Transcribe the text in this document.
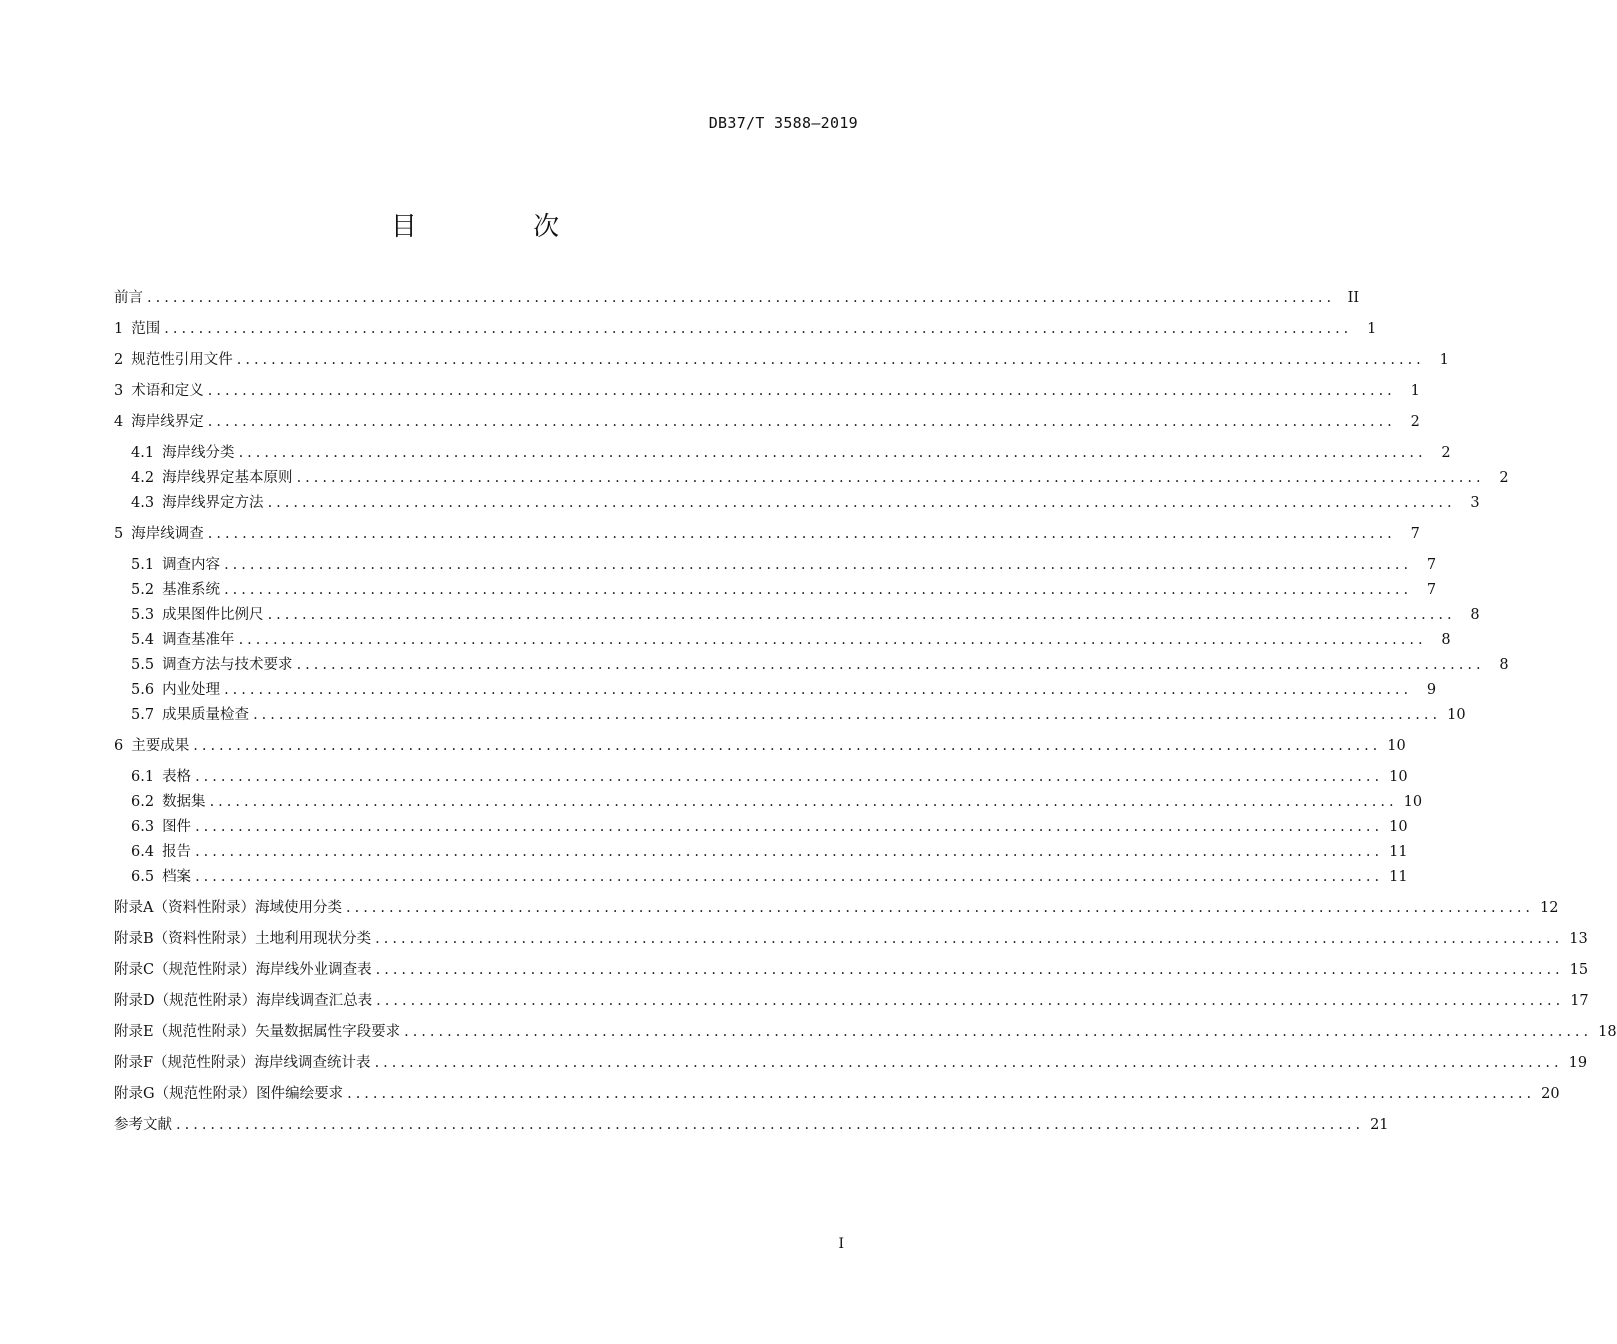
DB37/T 3588—2019
目 次
前言 .......................................................................................................................................... II
1 范围 ..........................................................................................................................................	1
2 规范性引用文件 ..........................................................................................................................................	1
3 术语和定义 ..........................................................................................................................................	1
4 海岸线界定 ..........................................................................................................................................	2
4.1 海岸线分类 ..........................................................................................................................................	2
4.2 海岸线界定基本原则 ..........................................................................................................................................	2
4.3 海岸线界定方法 ..........................................................................................................................................	3
5 海岸线调查 ..........................................................................................................................................	7
5.1 调查内容 ..........................................................................................................................................	7
5.2 基准系统 ..........................................................................................................................................	7
5.3 成果图件比例尺 ..........................................................................................................................................	8
5.4 调查基准年 ..........................................................................................................................................	8
5.5 调查方法与技术要求 ..........................................................................................................................................	8
5.6 内业处理 ..........................................................................................................................................	9
5.7 成果质量检查 .......................................................................................................................................... 10
6 主要成果 .......................................................................................................................................... 10
6.1 表格 .......................................................................................................................................... 10
6.2 数据集 .......................................................................................................................................... 10
6.3 图件 .......................................................................................................................................... 10
6.4 报告 .......................................................................................................................................... 11
6.5 档案 .......................................................................................................................................... 11
附 录 A （资料性附录） 海域使用分类 .......................................................................................................................................... 12
附 录 B （资料性附录） 土地利用现状分类 .......................................................................................................................................... 13
附 录 C （规范性附录） 海岸线外业调查表 .......................................................................................................................................... 15
附 录 D （规范性附录） 海岸线调查汇总表 .......................................................................................................................................... 17
附 录 E （规范性附录） 矢量数据属性字段要求 .......................................................................................................................................... 18
附 录 F （规范性附录） 海岸线调查统计表 .......................................................................................................................................... 19
附 录 G （规范性附录） 图件编绘要求 .......................................................................................................................................... 20
参考文献 .......................................................................................................................................... 21
I
